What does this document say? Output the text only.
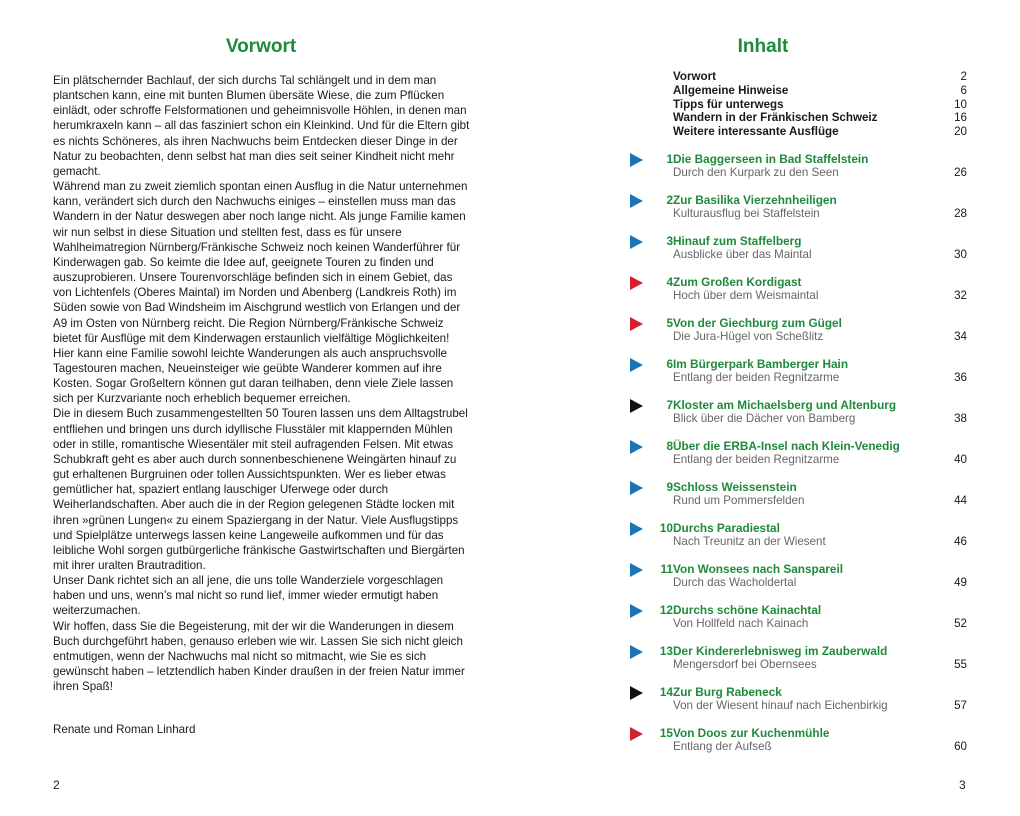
Vorwort

Ein plätschernder Bachlauf, der sich durchs Tal schlängelt und in dem man plantschen kann, eine mit bunten Blumen übersäte Wiese, die zum Pflücken einlädt, oder schroffe Felsformationen und geheimnisvolle Höhlen, in denen man herumkraxeln kann – all das fasziniert schon ein Kleinkind. Und für die Eltern gibt es nichts Schöneres, als ihren Nachwuchs beim Entdecken dieser Dinge in der Natur zu beobachten, denn selbst hat man dies seit seiner Kindheit nicht mehr gemacht.

Während man zu zweit ziemlich spontan einen Ausflug in die Natur unternehmen kann, verändert sich durch den Nachwuchs einiges – einstellen muss man das Wandern in der Natur deswegen aber noch lange nicht. Als junge Familie kamen wir nun selbst in diese Situation und stellten fest, dass es für unsere Wahlheimatregion Nürnberg/Fränkische Schweiz noch keinen Wanderführer für Kinderwagen gab. So keimte die Idee auf, geeignete Touren zu finden und auszuprobieren. Unsere Tourenvorschläge befinden sich in einem Gebiet, das von Lichtenfels (Oberes Maintal) im Norden und Abenberg (Landkreis Roth) im Süden sowie von Bad Windsheim im Aischgrund westlich von Erlangen und der A9 im Osten von Nürnberg reicht. Die Region Nürnberg/Fränkische Schweiz bietet für Ausflüge mit dem Kinderwagen erstaunlich vielfältige Möglichkeiten! Hier kann eine Familie sowohl leichte Wanderungen als auch anspruchsvolle Tagestouren machen, Neueinsteiger wie geübte Wanderer kommen auf ihre Kosten. Sogar Großeltern können gut daran teilhaben, denn viele Ziele lassen sich per Kurzvariante noch erheblich bequemer erreichen.

Die in diesem Buch zusammengestellten 50 Touren lassen uns dem Alltagstrubel entfliehen und bringen uns durch idyllische Flusstäler mit klappernden Mühlen oder in stille, romantische Wiesentäler mit steil aufragenden Felsen. Mit etwas Schubkraft geht es aber auch durch sonnenbeschienene Weingärten hinauf zu gut erhaltenen Burgruinen oder tollen Aussichtspunkten. Wer es lieber etwas gemütlicher hat, spaziert entlang lauschiger Uferwege oder durch Weiherlandschaften. Aber auch die in der Region gelegenen Städte locken mit ihren »grünen Lungen« zu einem Spaziergang in der Natur. Viele Ausflugstipps und Spielplätze unterwegs lassen keine Langeweile aufkommen und für das leibliche Wohl sorgen gutbürgerliche fränkische Gastwirtschaften und Biergärten mit ihrer uralten Brautradition.

Unser Dank richtet sich an all jene, die uns tolle Wanderziele vorgeschlagen haben und uns, wenn’s mal nicht so rund lief, immer wieder ermutigt haben weiterzumachen.

Wir hoffen, dass Sie die Begeisterung, mit der wir die Wanderungen in diesem Buch durchgeführt haben, genauso erleben wie wir. Lassen Sie sich nicht gleich entmutigen, wenn der Nachwuchs mal nicht so mitmacht, wie Sie es sich gewünscht haben – letztendlich haben Kinder draußen in der freien Natur immer ihren Spaß!

Renate und Roman Linhard
2
Inhalt
Vorwort	2
Allgemeine Hinweise	6
Tipps für unterwegs	10
Wandern in der Fränkischen Schweiz	16
Weitere interessante Ausflüge	20
1 Die Baggerseen in Bad Staffelstein
Durch den Kurpark zu den Seen	26
2 Zur Basilika Vierzehnheiligen
Kulturausflug bei Staffelstein	28
3 Hinauf zum Staffelberg
Ausblicke über das Maintal	30
4 Zum Großen Kordigast
Hoch über dem Weismaintal	32
5 Von der Giechburg zum Gügel
Die Jura-Hügel von Scheßlitz	34
6 Im Bürgerpark Bamberger Hain
Entlang der beiden Regnitzarme	36
7 Kloster am Michaelsberg und Altenburg
Blick über die Dächer von Bamberg	38
8 Über die ERBA-Insel nach Klein-Venedig
Entlang der beiden Regnitzarme	40
9 Schloss Weissenstein
Rund um Pommersfelden	44
10 Durchs Paradiestal
Nach Treunitz an der Wiesent	46
11 Von Wonsees nach Sanspareil
Durch das Wacholdertal	49
12 Durchs schöne Kainachtal
Von Hollfeld nach Kainach	52
13 Der Kindererlebnisweg im Zauberwald
Mengersdorf bei Obernsees	55
14 Zur Burg Rabeneck
Von der Wiesent hinauf nach Eichenbirkig	57
15 Von Doos zur Kuchenmühle
Entlang der Aufseß	60
3
